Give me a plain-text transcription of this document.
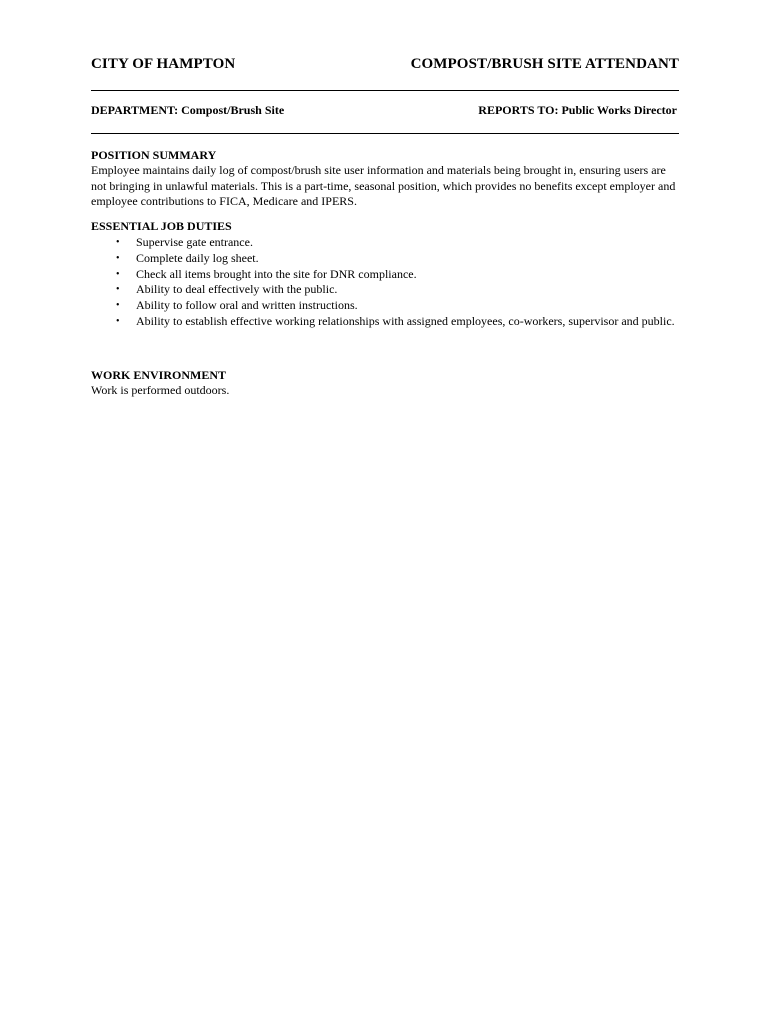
CITY OF HAMPTON	COMPOST/BRUSH SITE ATTENDANT
DEPARTMENT: Compost/Brush Site	REPORTS TO: Public Works Director
POSITION SUMMARY
Employee maintains daily log of compost/brush site user information and materials being brought in, ensuring users are not bringing in unlawful materials. This is a part-time, seasonal position, which provides no benefits except employer and employee contributions to FICA, Medicare and IPERS.
ESSENTIAL JOB DUTIES
• Supervise gate entrance.
• Complete daily log sheet.
• Check all items brought into the site for DNR compliance.
• Ability to deal effectively with the public.
• Ability to follow oral and written instructions.
• Ability to establish effective working relationships with assigned employees, co-workers, supervisor and public.
WORK ENVIRONMENT
Work is performed outdoors.
